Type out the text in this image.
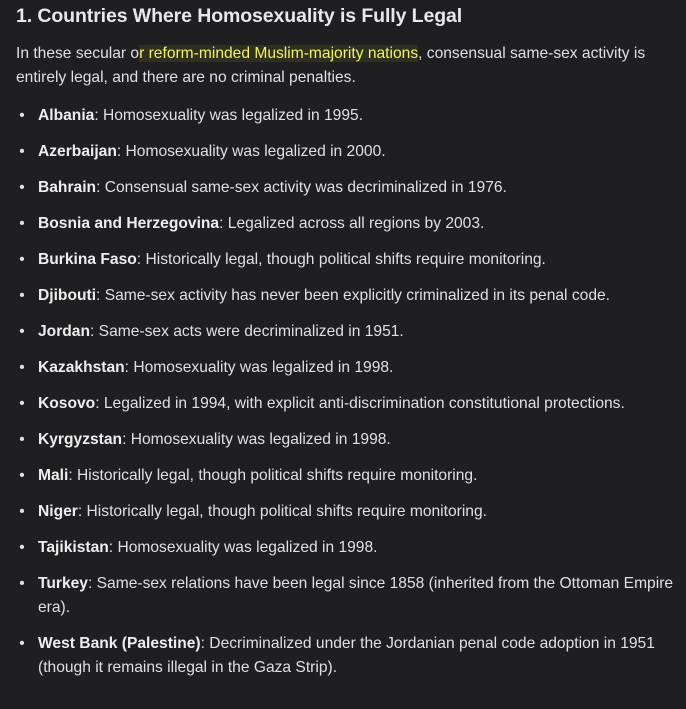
1. Countries Where Homosexuality is Fully Legal

In these secular or reform-minded Muslim-majority nations, consensual same-sex activity is entirely legal, and there are no criminal penalties.

• Albania: Homosexuality was legalized in 1995.
• Azerbaijan: Homosexuality was legalized in 2000.
• Bahrain: Consensual same-sex activity was decriminalized in 1976.
• Bosnia and Herzegovina: Legalized across all regions by 2003.
• Burkina Faso: Historically legal, though political shifts require monitoring.
• Djibouti: Same-sex activity has never been explicitly criminalized in its penal code.
• Jordan: Same-sex acts were decriminalized in 1951.
• Kazakhstan: Homosexuality was legalized in 1998.
• Kosovo: Legalized in 1994, with explicit anti-discrimination constitutional protections.
• Kyrgyzstan: Homosexuality was legalized in 1998.
• Mali: Historically legal, though political shifts require monitoring.
• Niger: Historically legal, though political shifts require monitoring.
• Tajikistan: Homosexuality was legalized in 1998.
• Turkey: Same-sex relations have been legal since 1858 (inherited from the Ottoman Empire era).
• West Bank (Palestine): Decriminalized under the Jordanian penal code adoption in 1951 (though it remains illegal in the Gaza Strip).
